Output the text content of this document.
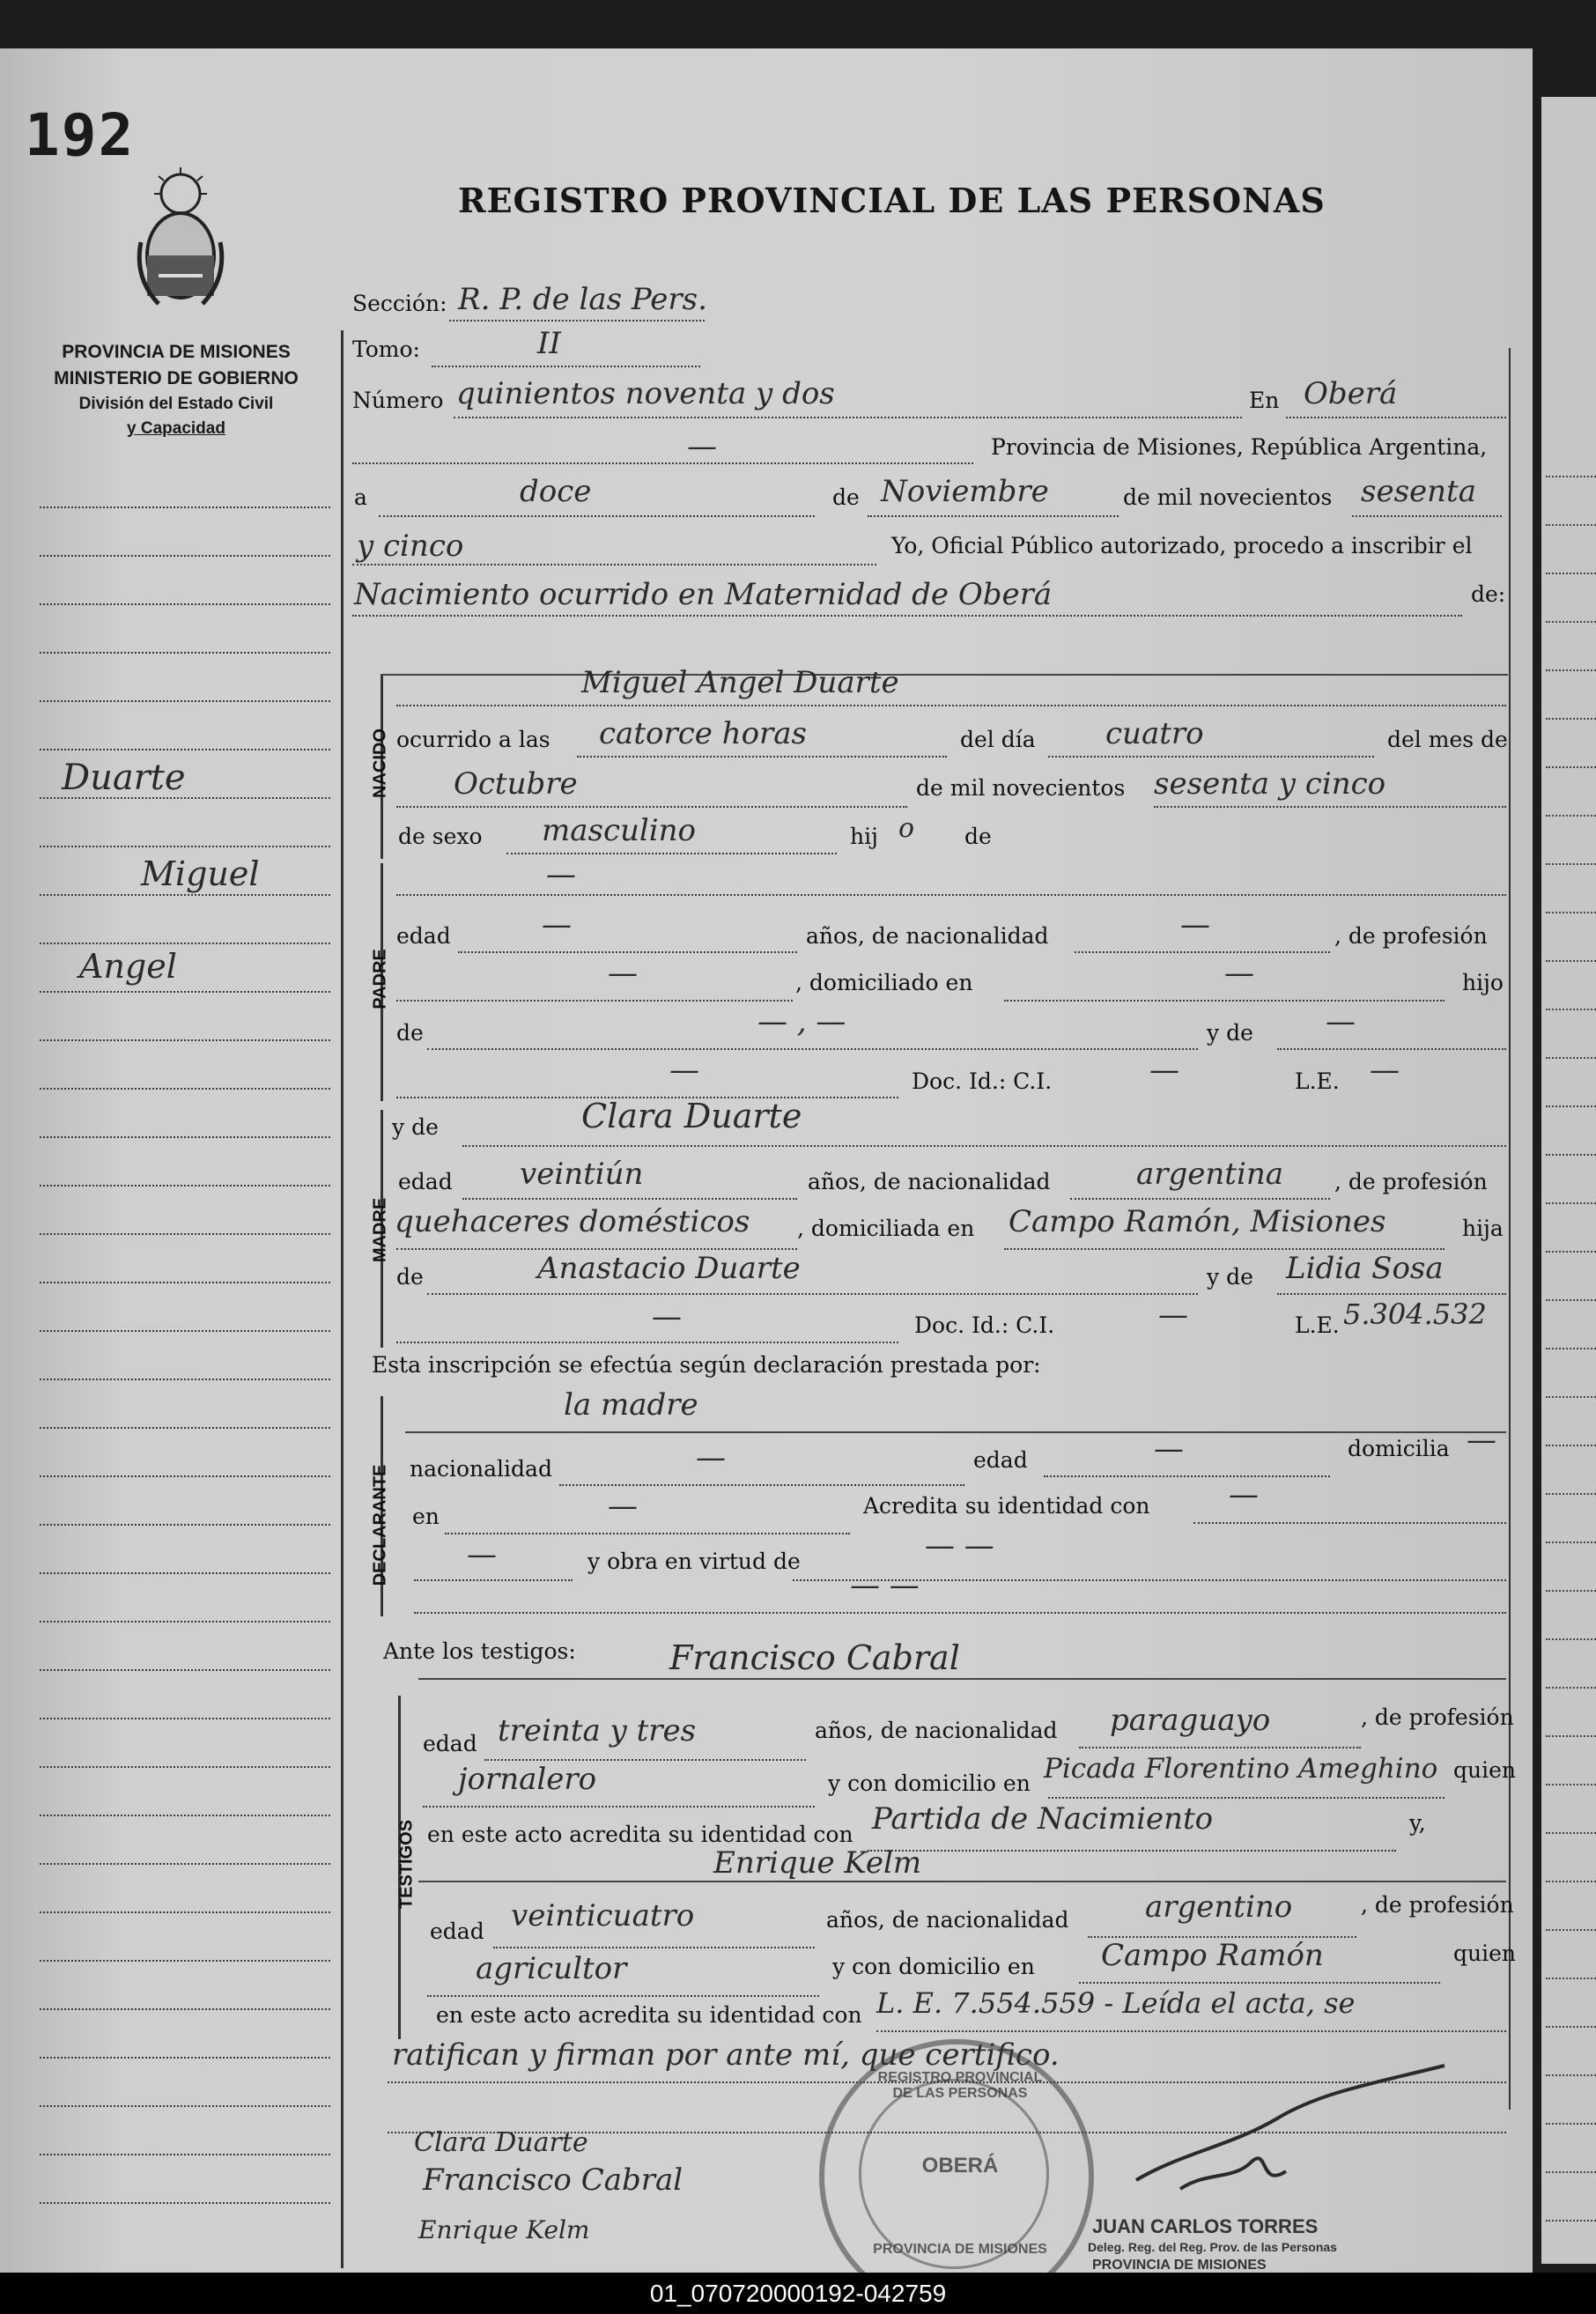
192
REGISTRO PROVINCIAL DE LAS PERSONAS
PROVINCIA DE MISIONES
MINISTERIO DE GOBIERNO
División del Estado Civil
y Capacidad
Duarte
Miguel
Angel
Sección: R. P. de las Pers.
Tomo:	II
Número quinientos noventa y dos	En Oberá
—	Provincia de Misiones, República Argentina,
a	doce	de Noviembre	de mil novecientos sesenta
y cinco	Yo, Oficial Público autorizado, procedo a inscribir el
Nacimiento ocurrido en Maternidad de Oberá	de:
NACIDO
Miguel Angel Duarte
ocurrido a las catorce horas	del día cuatro	del mes de
Octubre	de mil novecientos sesenta y cinco
de sexo masculino	hij o de
—
PADRE
edad	—	años, de nacionalidad	—	, de profesión
—	, domiciliado en	—	hijo
de	— , —	y de —
—	Doc. Id.: C.I.	—	L.E. —
MADRE
y de	Clara Duarte
edad veintiún	años, de nacionalidad	argentina , de profesión
quehaceres domésticos , domiciliada en Campo Ramón, Misiones	hija
de	Anastacio Duarte	y de Lidia Sosa
—	Doc. Id.: C.I.	—	L.E. 5.304.532
Esta inscripción se efectúa según declaración prestada por:
DECLARANTE
la madre
nacionalidad	—	edad	—	domicilia —
en	—	Acredita su identidad con	—
—	y obra en virtud de	— —
— —
Ante los testigos:
TESTIGOS
Francisco Cabral
edad treinta y tres	años, de nacionalidad paraguayo	, de profesión
jornalero	y con domicilio en Picada Florentino Ameghino quien
en este acto acredita su identidad con Partida de Nacimiento	y,
Enrique Kelm
edad veinticuatro	años, de nacionalidad	argentino	, de profesión
agricultor	y con domicilio en Campo Ramón	quien
en este acto acredita su identidad con L. E. 7.554.559 - Leída el acta, se
ratifican y firman por ante mí, que certifico.
Clara Duarte
Francisco Cabral
Enrique Kelm
REGISTRO PROVINCIAL DE LAS PERSONAS
OBERÁ
PROVINCIA DE MISIONES
JUAN CARLOS TORRES
Deleg. Reg. del Reg. Prov. de las Personas
PROVINCIA DE MISIONES
01_070720000192-042759
